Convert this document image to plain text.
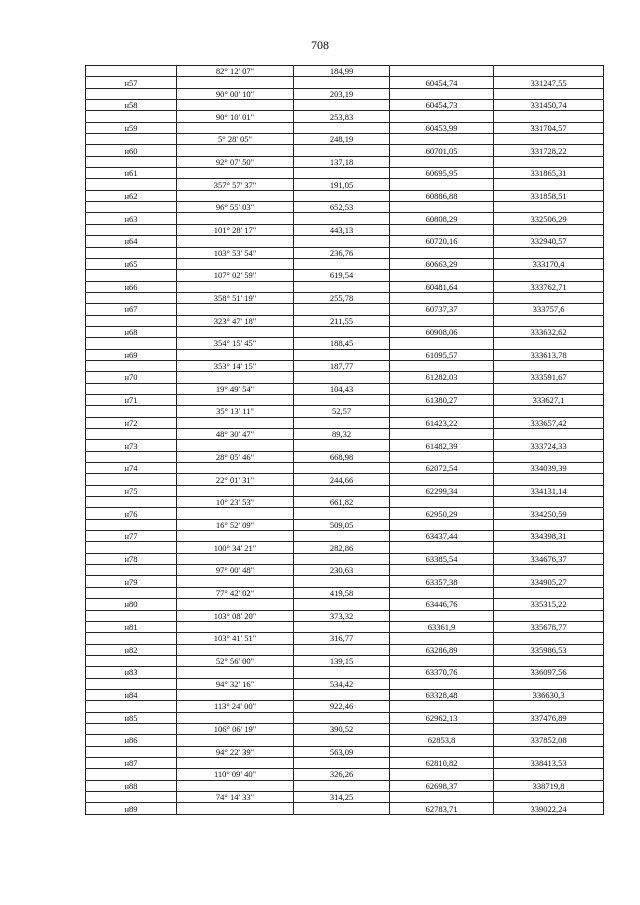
708
	82° 12' 07"	184,99		
н57			60454,74	331247,55
	90° 00' 10"	203,19		
н58			60454,73	331450,74
	90° 10' 01"	253,83		
н59			60453,99	331704,57
	5° 28' 05"	248,19		
н60			60701,05	331728,22
	92° 07' 50"	137,18		
н61			60695,95	331865,31
	357° 57' 37"	191,05		
н62			60886,88	331858,51
	96° 55' 03"	652,53		
н63			60808,29	332506,29
	101° 28' 17"	443,13		
н64			60720,16	332940,57
	103° 53' 54"	236,76		
н65			60663,29	333170,4
	107° 02' 59"	619,54		
н66			60481,64	333762,71
	358° 51' 19"	255,78		
н67			60737,37	333757,6
	323° 47' 18"	211,55		
н68			60908,06	333632,62
	354° 15' 45"	188,45		
н69			61095,57	333613,78
	353° 14' 15"	187,77		
н70			61282,03	333591,67
	19° 49' 54"	104,43		
н71			61380,27	333627,1
	35° 13' 11"	52,57		
н72			61423,22	333657,42
	48° 30' 47"	89,32		
н73			61482,39	333724,33
	28° 05' 46"	668,98		
н74			62072,54	334039,39
	22° 01' 31"	244,66		
н75			62299,34	334131,14
	10° 23' 53"	661,82		
н76			62950,29	334250,59
	16° 52' 09"	509,05		
н77			63437,44	334398,31
	100° 34' 21"	282,86		
н78			63385,54	334676,37
	97° 00' 48"	230,63		
н79			63357,38	334905,27
	77° 42' 02"	419,58		
н80			63446,76	335315,22
	103° 08' 20"	373,32		
н81			63361,9	335678,77
	103° 41' 51"	316,77		
н82			63286,89	335986,53
	52° 56' 00"	139,15		
н83			63370,76	336097,56
	94° 32' 16"	534,42		
н84			63328,48	336630,3
	113° 24' 00"	922,46		
н85			62962,13	337476,89
	106° 06' 19"	390,52		
н86			62853,8	337852,08
	94° 22' 39"	563,09		
н87			62810,82	338413,53
	110° 09' 40"	326,26		
н88			62698,37	338719,8
	74° 14' 33"	314,25		
н89			62783,71	339022,24
